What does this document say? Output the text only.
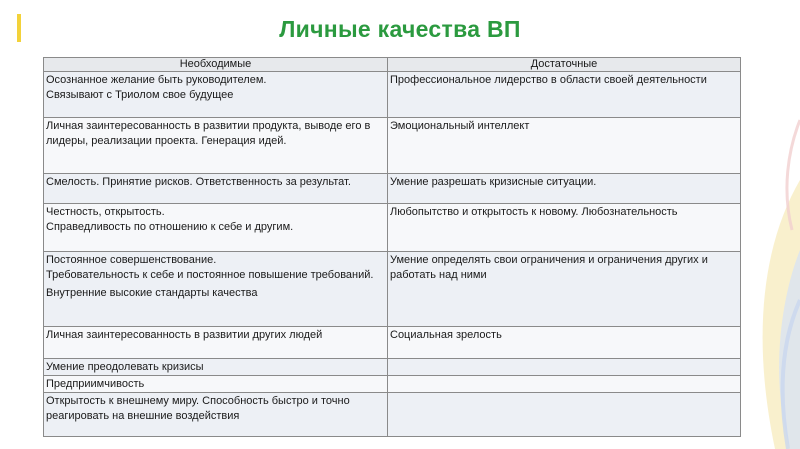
Личные качества ВП
Необходимые	Достаточные

Осознанное желание быть руководителем.
Связывают с Триолом свое будущее	Профессиональное лидерство в области своей деятельности

Личная заинтересованность в развитии продукта, выводе его в лидеры, реализации проекта. Генерация идей.	Эмоциональный интеллект

Смелость. Принятие рисков. Ответственность за результат.	Умение разрешать кризисные ситуации.

Честность, открытость.
Справедливость по отношению к себе и другим.	Любопытство и открытость к новому. Любознательность

Постоянное совершенствование.
Требовательность к себе и постоянное повышение требований.
Внутренние высокие стандарты качества	Умение определять свои ограничения и ограничения других и работать над ними

Личная заинтересованность в развитии других людей	Социальная зрелость

Умение преодолевать кризисы	

Предприимчивость	

Открытость к внешнему миру. Способность быстро и точно реагировать на внешние воздействия	
